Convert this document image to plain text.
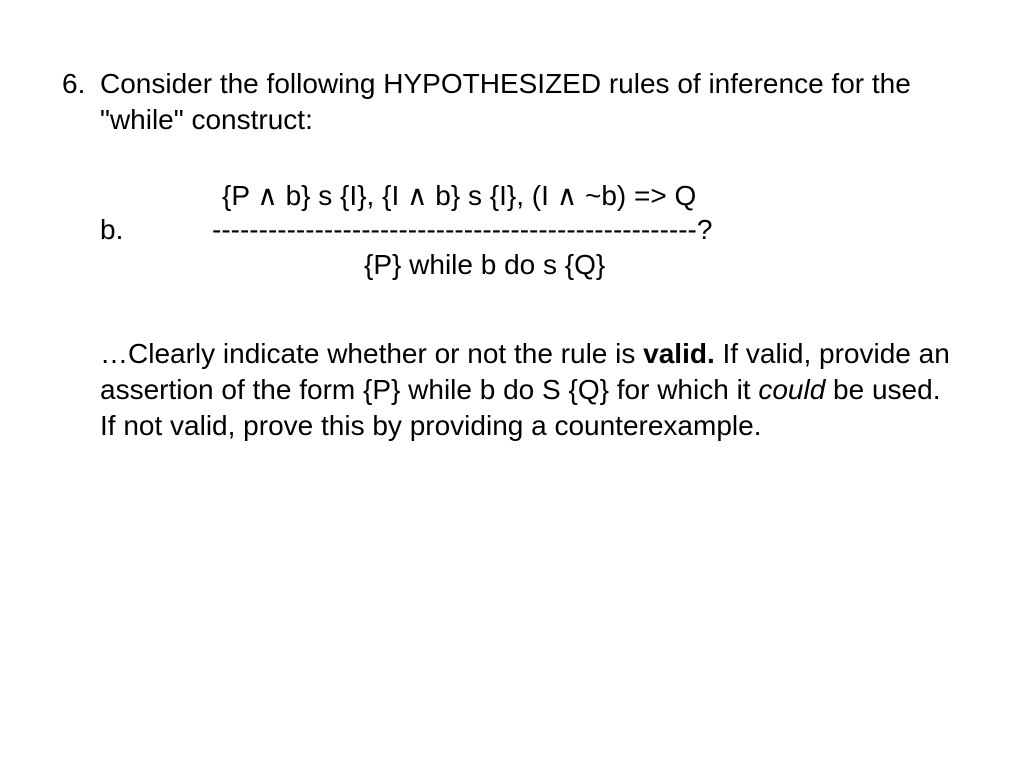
6. Consider the following HYPOTHESIZED rules of inference for the "while" construct:
b.
{P ∧ b} s {I}, {I ∧ b} s {I}, (I ∧ ~b) => Q
----------------------------------------------------?
{P} while b do s {Q}
…Clearly indicate whether or not the rule is valid. If valid, provide an assertion of the form {P} while b do S {Q} for which it could be used. If not valid, prove this by providing a counterexample.
